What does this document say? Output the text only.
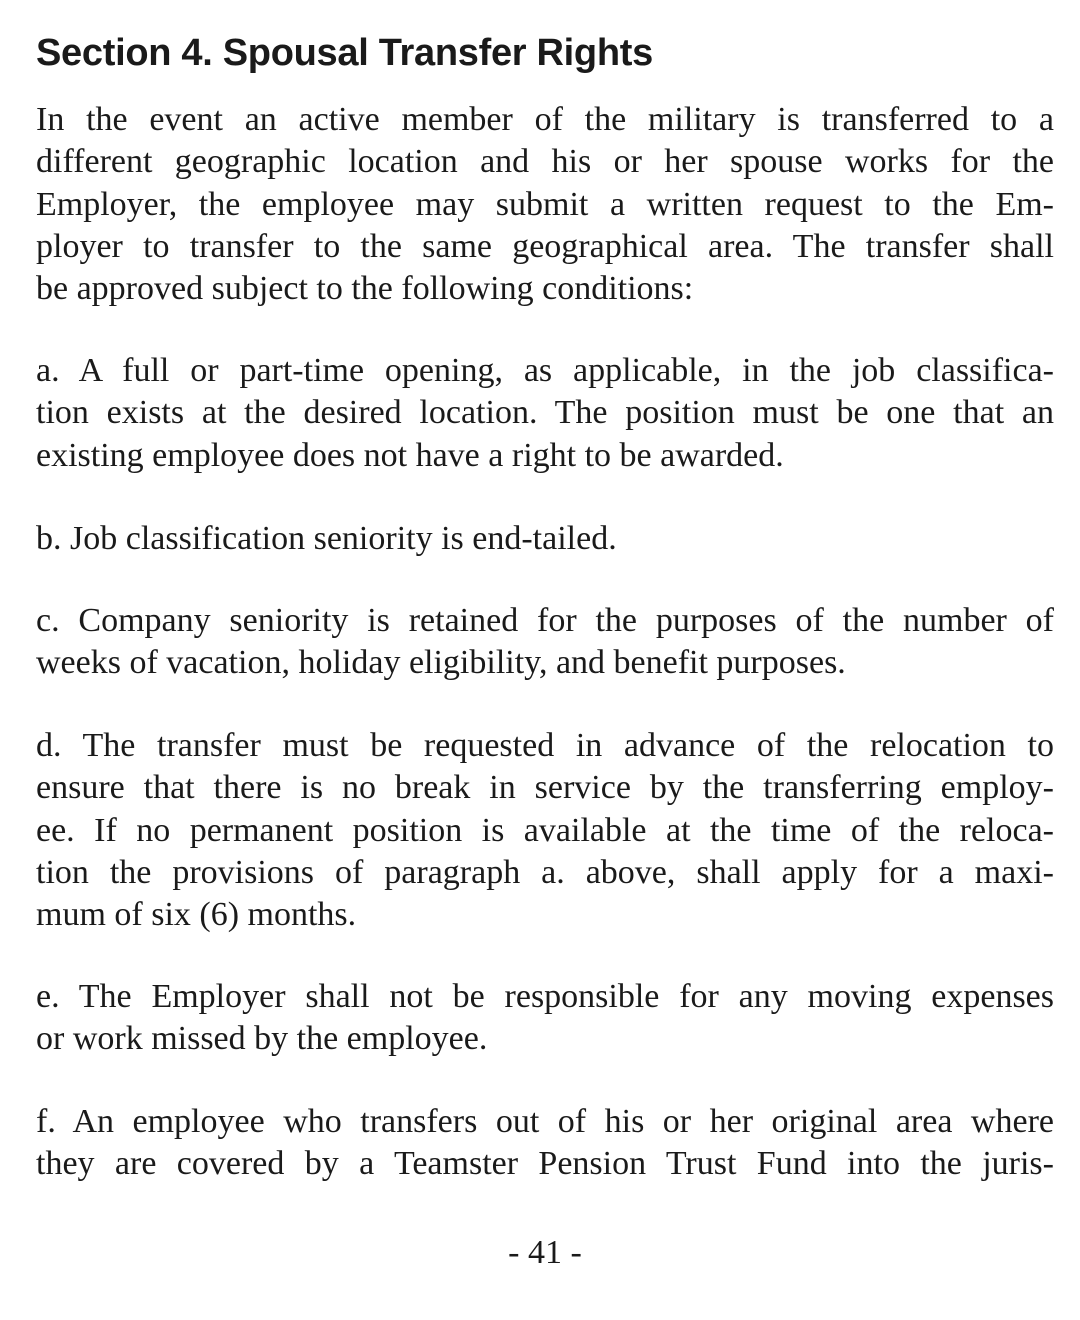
Section 4. Spousal Transfer Rights

In the event an active member of the military is transferred to a
different geographic location and his or her spouse works for the
Employer, the employee may submit a written request to the Em-
ployer to transfer to the same geographical area. The transfer shall
be approved subject to the following conditions:

a. A full or part-time opening, as applicable, in the job classifica-
tion exists at the desired location. The position must be one that an
existing employee does not have a right to be awarded.

b. Job classification seniority is end-tailed.

c. Company seniority is retained for the purposes of the number of
weeks of vacation, holiday eligibility, and benefit purposes.

d. The transfer must be requested in advance of the relocation to
ensure that there is no break in service by the transferring employ-
ee. If no permanent position is available at the time of the reloca-
tion the provisions of paragraph a. above, shall apply for a maxi-
mum of six (6) months.

e. The Employer shall not be responsible for any moving expenses
or work missed by the employee.

f. An employee who transfers out of his or her original area where
they are covered by a Teamster Pension Trust Fund into the juris-

- 41 -
